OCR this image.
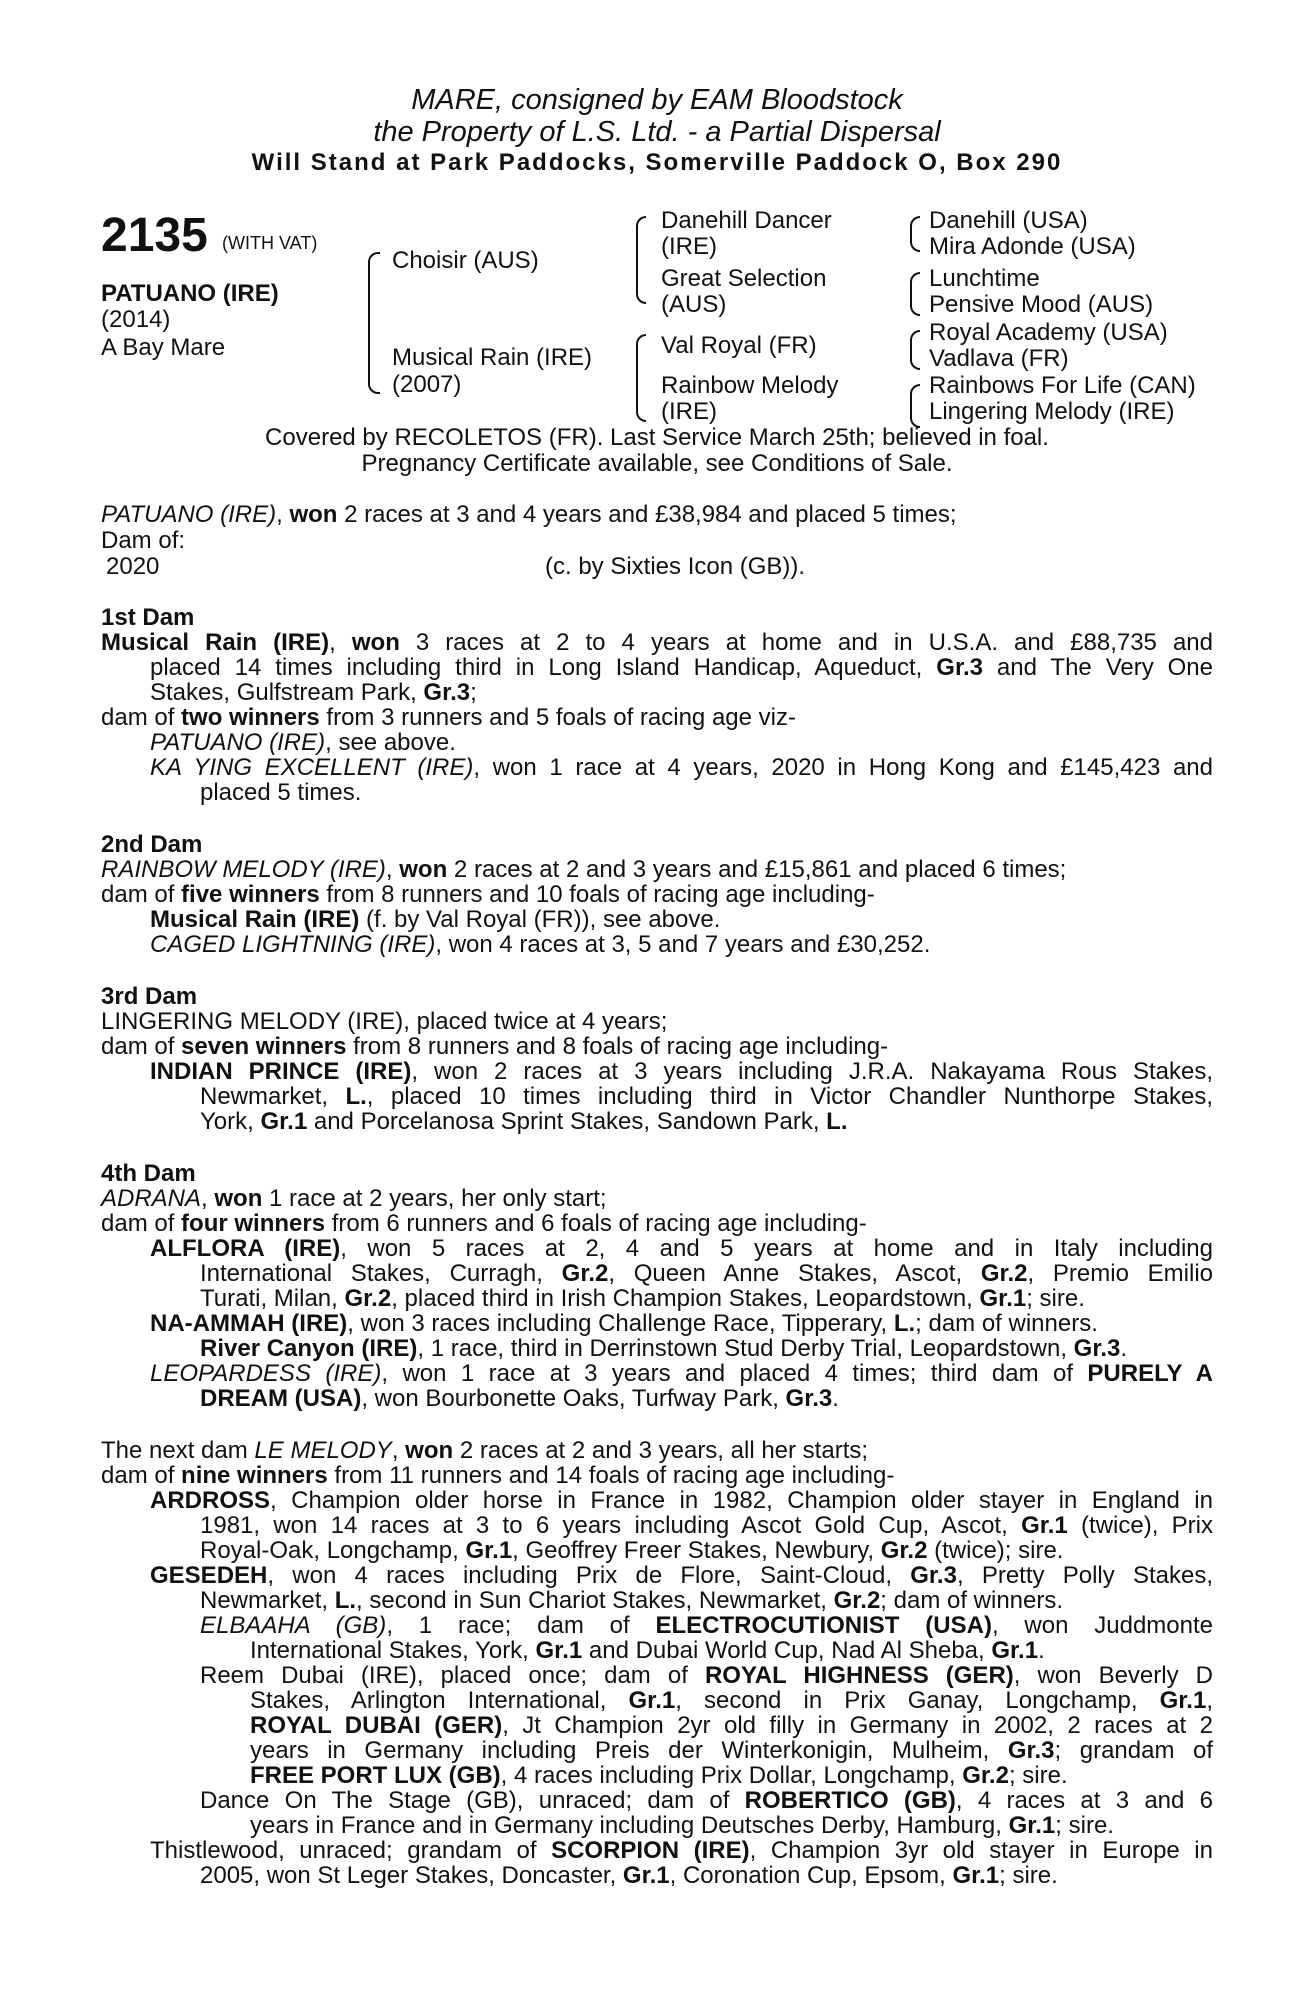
MARE, consigned by EAM Bloodstock
the Property of L.S. Ltd. - a Partial Dispersal
Will Stand at Park Paddocks, Somerville Paddock O, Box 290
2135 (WITH VAT)
PATUANO (IRE)
(2014)
A Bay Mare
Choisir (AUS)
Musical Rain (IRE)
(2007)
Danehill Dancer
(IRE)
Great Selection
(AUS)
Val Royal (FR)
Rainbow Melody
(IRE)
Danehill (USA)
Mira Adonde (USA)
Lunchtime
Pensive Mood (AUS)
Royal Academy (USA)
Vadlava (FR)
Rainbows For Life (CAN)
Lingering Melody (IRE)
Covered by RECOLETOS (FR). Last Service March 25th; believed in foal.
Pregnancy Certificate available, see Conditions of Sale.
PATUANO (IRE), won 2 races at 3 and 4 years and £38,984 and placed 5 times;
Dam of:
2020	(c. by Sixties Icon (GB)).
1st Dam
Musical Rain (IRE), won 3 races at 2 to 4 years at home and in U.S.A. and £88,735 and
placed 14 times including third in Long Island Handicap, Aqueduct, Gr.3 and The Very One
Stakes, Gulfstream Park, Gr.3;
dam of two winners from 3 runners and 5 foals of racing age viz-
PATUANO (IRE), see above.
KA YING EXCELLENT (IRE), won 1 race at 4 years, 2020 in Hong Kong and £145,423 and
placed 5 times.
2nd Dam
RAINBOW MELODY (IRE), won 2 races at 2 and 3 years and £15,861 and placed 6 times;
dam of five winners from 8 runners and 10 foals of racing age including-
Musical Rain (IRE) (f. by Val Royal (FR)), see above.
CAGED LIGHTNING (IRE), won 4 races at 3, 5 and 7 years and £30,252.
3rd Dam
LINGERING MELODY (IRE), placed twice at 4 years;
dam of seven winners from 8 runners and 8 foals of racing age including-
INDIAN PRINCE (IRE), won 2 races at 3 years including J.R.A. Nakayama Rous Stakes,
Newmarket, L., placed 10 times including third in Victor Chandler Nunthorpe Stakes,
York, Gr.1 and Porcelanosa Sprint Stakes, Sandown Park, L.
4th Dam
ADRANA, won 1 race at 2 years, her only start;
dam of four winners from 6 runners and 6 foals of racing age including-
ALFLORA (IRE), won 5 races at 2, 4 and 5 years at home and in Italy including
International Stakes, Curragh, Gr.2, Queen Anne Stakes, Ascot, Gr.2, Premio Emilio
Turati, Milan, Gr.2, placed third in Irish Champion Stakes, Leopardstown, Gr.1; sire.
NA-AMMAH (IRE), won 3 races including Challenge Race, Tipperary, L.; dam of winners.
River Canyon (IRE), 1 race, third in Derrinstown Stud Derby Trial, Leopardstown, Gr.3.
LEOPARDESS (IRE), won 1 race at 3 years and placed 4 times; third dam of PURELY A
DREAM (USA), won Bourbonette Oaks, Turfway Park, Gr.3.
The next dam LE MELODY, won 2 races at 2 and 3 years, all her starts;
dam of nine winners from 11 runners and 14 foals of racing age including-
ARDROSS, Champion older horse in France in 1982, Champion older stayer in England in
1981, won 14 races at 3 to 6 years including Ascot Gold Cup, Ascot, Gr.1 (twice), Prix
Royal-Oak, Longchamp, Gr.1, Geoffrey Freer Stakes, Newbury, Gr.2 (twice); sire.
GESEDEH, won 4 races including Prix de Flore, Saint-Cloud, Gr.3, Pretty Polly Stakes,
Newmarket, L., second in Sun Chariot Stakes, Newmarket, Gr.2; dam of winners.
ELBAAHA (GB), 1 race; dam of ELECTROCUTIONIST (USA), won Juddmonte
International Stakes, York, Gr.1 and Dubai World Cup, Nad Al Sheba, Gr.1.
Reem Dubai (IRE), placed once; dam of ROYAL HIGHNESS (GER), won Beverly D
Stakes, Arlington International, Gr.1, second in Prix Ganay, Longchamp, Gr.1,
ROYAL DUBAI (GER), Jt Champion 2yr old filly in Germany in 2002, 2 races at 2
years in Germany including Preis der Winterkonigin, Mulheim, Gr.3; grandam of
FREE PORT LUX (GB), 4 races including Prix Dollar, Longchamp, Gr.2; sire.
Dance On The Stage (GB), unraced; dam of ROBERTICO (GB), 4 races at 3 and 6
years in France and in Germany including Deutsches Derby, Hamburg, Gr.1; sire.
Thistlewood, unraced; grandam of SCORPION (IRE), Champion 3yr old stayer in Europe in
2005, won St Leger Stakes, Doncaster, Gr.1, Coronation Cup, Epsom, Gr.1; sire.
